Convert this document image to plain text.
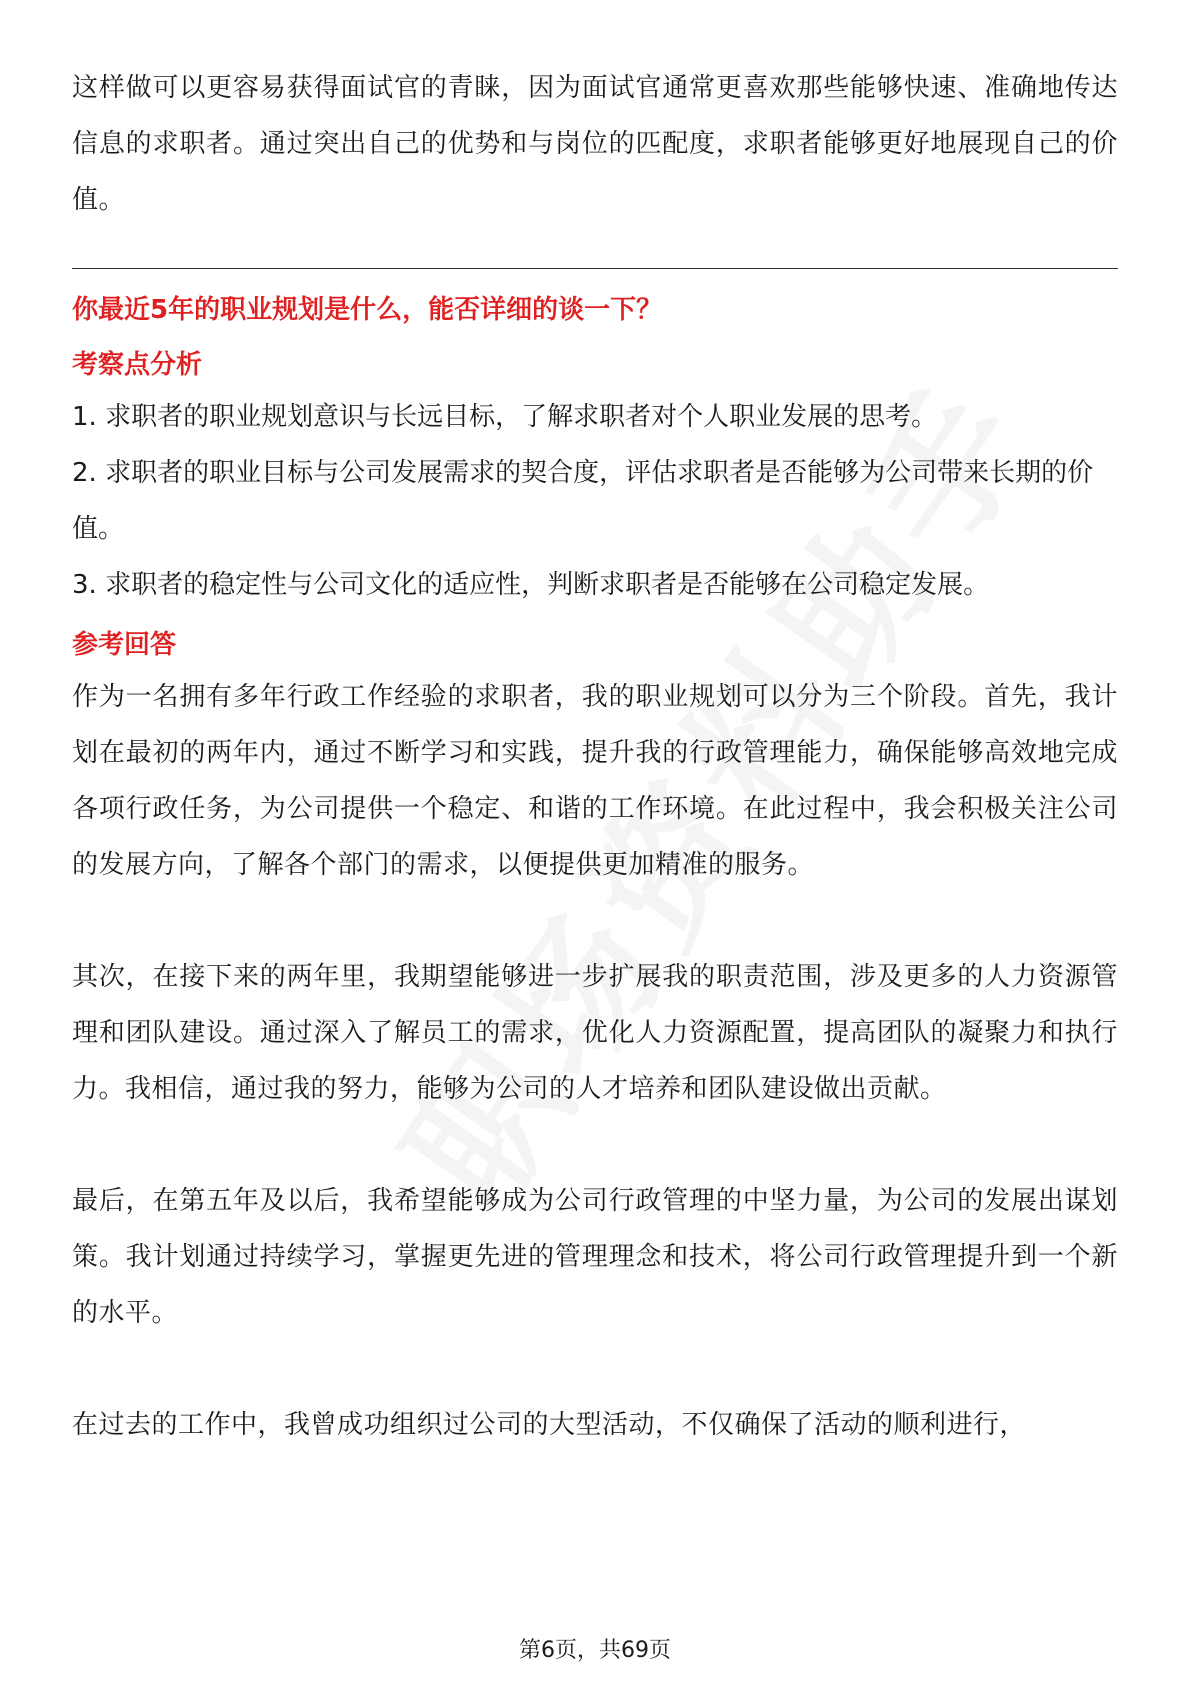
这样做可以更容易获得面试官的青睐，因为面试官通常更喜欢那些能够快速、准确地传达信息的求职者。通过突出自己的优势和与岗位的匹配度，求职者能够更好地展现自己的价值。

你最近5年的职业规划是什么，能否详细的谈一下？

考察点分析

1. 求职者的职业规划意识与长远目标，了解求职者对个人职业发展的思考。

2. 求职者的职业目标与公司发展需求的契合度，评估求职者是否能够为公司带来长期的价值。

3. 求职者的稳定性与公司文化的适应性，判断求职者是否能够在公司稳定发展。

参考回答

作为一名拥有多年行政工作经验的求职者，我的职业规划可以分为三个阶段。首先，我计划在最初的两年内，通过不断学习和实践，提升我的行政管理能力，确保能够高效地完成各项行政任务，为公司提供一个稳定、和谐的工作环境。在此过程中，我会积极关注公司的发展方向，了解各个部门的需求，以便提供更加精准的服务。

其次，在接下来的两年里，我期望能够进一步扩展我的职责范围，涉及更多的人力资源管理和团队建设。通过深入了解员工的需求，优化人力资源配置，提高团队的凝聚力和执行力。我相信，通过我的努力，能够为公司的人才培养和团队建设做出贡献。

最后，在第五年及以后，我希望能够成为公司行政管理的中坚力量，为公司的发展出谋划策。我计划通过持续学习，掌握更先进的管理理念和技术，将公司行政管理提升到一个新的水平。

在过去的工作中，我曾成功组织过公司的大型活动，不仅确保了活动的顺利进行，

第6页，共69页
